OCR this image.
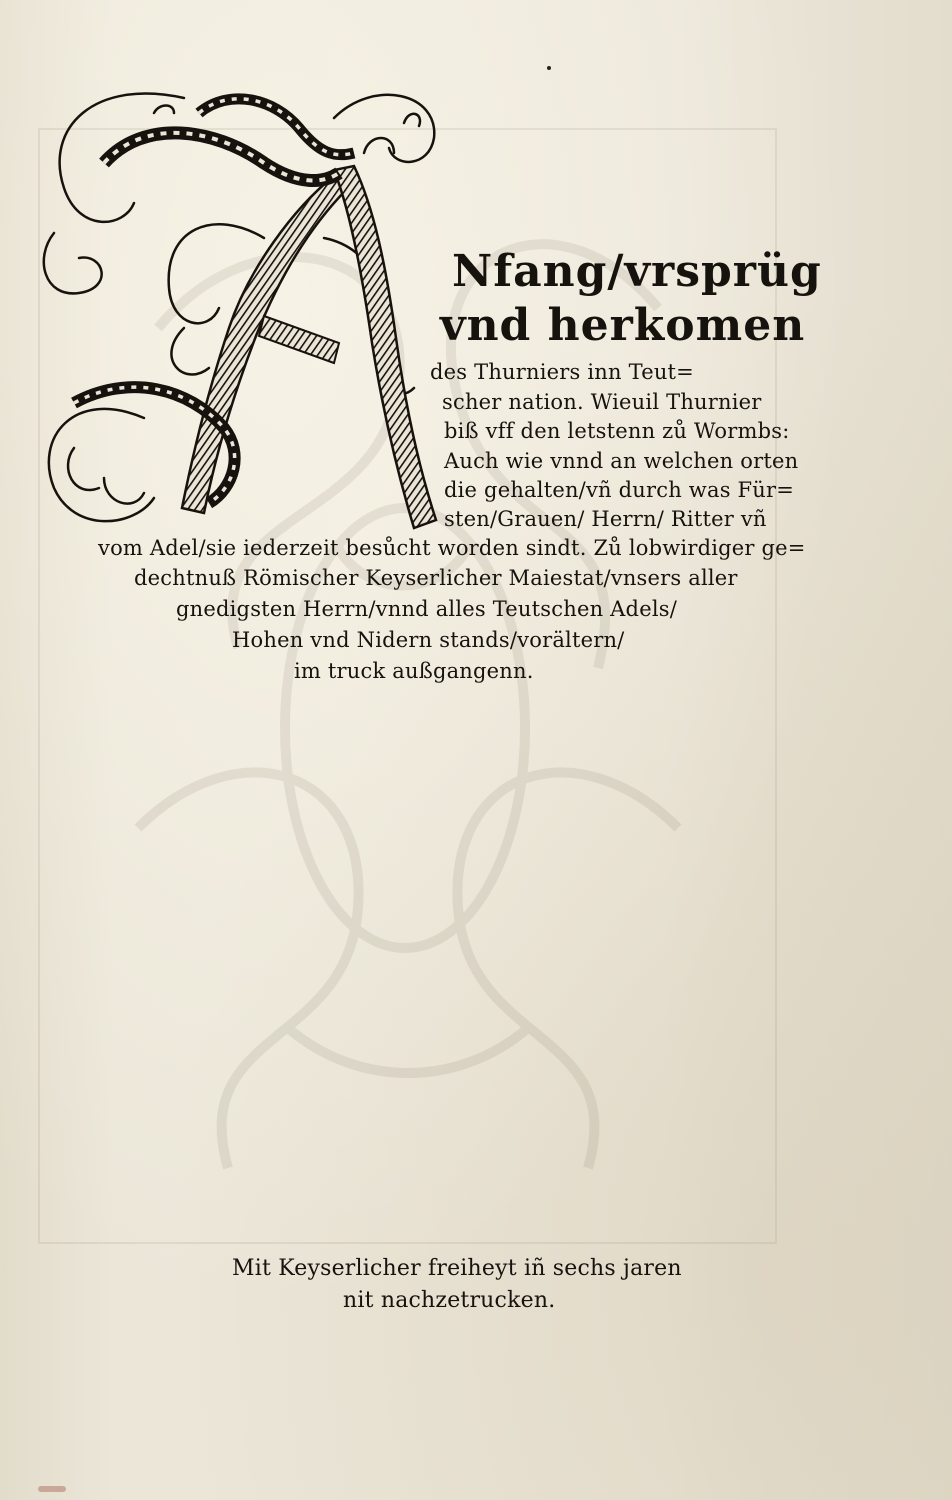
Nfang/vrsprüg

vnd herkomen

des Thurniers inn Teut=

scher nation. Wieuil Thurnier

biß vff den letstenn zů Wormbs:

Auch wie vnnd an welchen orten

die gehalten/vñ durch was Für=

sten/Grauen/ Herrn/ Ritter vñ

vom Adel/sie iederzeit besůcht worden sindt. Zů lobwirdiger ge=

dechtnuß Römischer Keyserlicher Maiestat/vnsers aller

gnedigsten Herrn/vnnd alles Teutschen Adels/

Hohen vnd Nidern stands/vorältern/

im truck außgangenn.

Mit Keyserlicher freiheyt iñ sechs jaren

nit nachzetrucken.
